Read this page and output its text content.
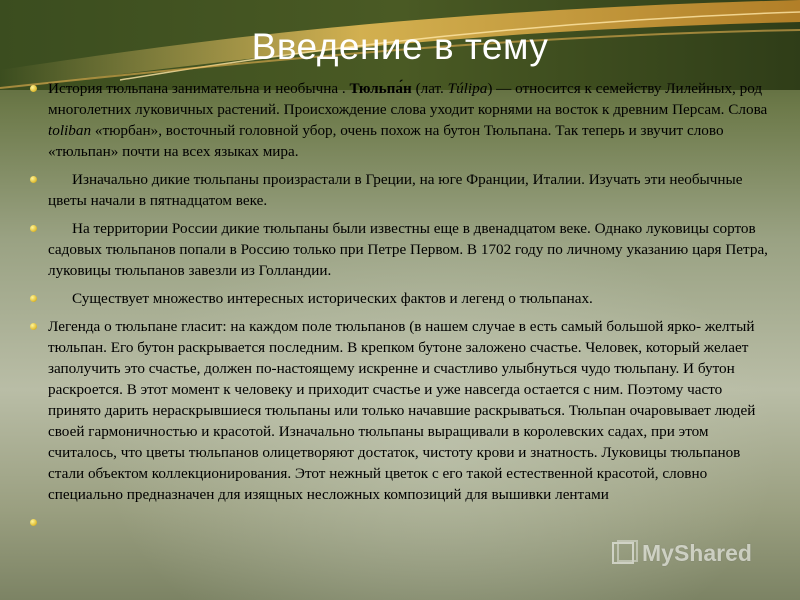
Введение в тему
История тюльпана занимательна и необычна . Тюльпа́н (лат. Túlipa) — относится к семейству Лилейных, род многолетних луковичных растений. Происхождение слова уходит корнями на восток к древним Персам. Слова toliban «тюрбан», восточный головной убор, очень похож на бутон Тюльпана. Так теперь и звучит слово «тюльпан» почти на всех языках мира.
Изначально дикие тюльпаны произрастали в Греции, на юге Франции, Италии. Изучать эти необычные цветы начали в пятнадцатом веке.
На территории России дикие тюльпаны были известны еще в двенадцатом веке. Однако луковицы сортов садовых тюльпанов попали в Россию только при Петре Первом. В 1702 году по личному указанию царя Петра, луковицы тюльпанов завезли из Голландии.
Существует множество интересных исторических фактов и легенд о тюльпанах.
Легенда о тюльпане гласит: на каждом поле тюльпанов (в нашем случае в есть самый большой ярко- желтый тюльпан. Его бутон раскрывается последним. В крепком бутоне заложено счастье. Человек, который желает заполучить это счастье, должен по-настоящему искренне и счастливо улыбнуться чудо тюльпану. И бутон раскроется. В этот момент к человеку и приходит счастье и уже навсегда остается с ним. Поэтому часто принято дарить нераскрывшиеся тюльпаны или только начавшие раскрываться. Тюльпан очаровывает людей своей гармоничностью и красотой. Изначально тюльпаны выращивали в королевских садах, при этом считалось, что цветы тюльпанов олицетворяют достаток, чистоту крови и знатность. Луковицы тюльпанов стали объектом коллекционирования. Этот нежный цветок с его такой естественной красотой, словно специально предназначен для изящных несложных композиций для вышивки лентами

MyShared
